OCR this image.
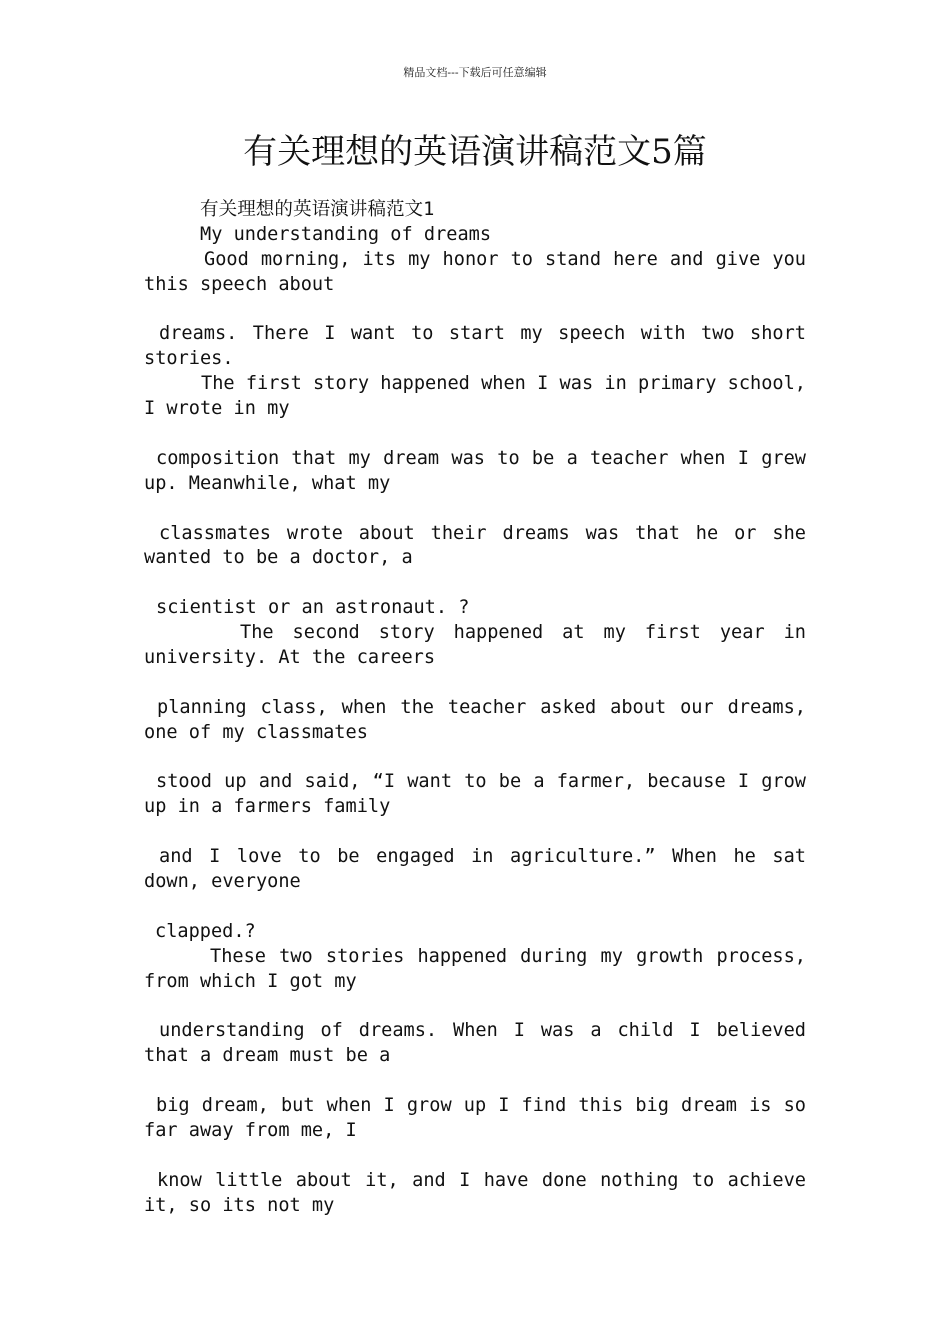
精品文档---下载后可任意编辑
有关理想的英语演讲稿范文5篇
有关理想的英语演讲稿范文1
My understanding of dreams
Good morning, its my honor to stand here and give you
this speech about
dreams. There I want to start my speech with two short
stories.
The first story happened when I was in primary school,
I wrote in my
composition that my dream was to be a teacher when I grew
up. Meanwhile, what my
classmates wrote about their dreams was that he or she
wanted to be a doctor, a
scientist or an astronaut. ?
The second story happened at my first year in
university. At the careers
planning class, when the teacher asked about our dreams,
one of my classmates
stood up and said, “I want to be a farmer, because I grow
up in a farmers family
and I love to be engaged in agriculture.” When he sat
down, everyone
clapped.?
These two stories happened during my growth process,
from which I got my
understanding of dreams. When I was a child I believed
that a dream must be a
big dream, but when I grow up I find this big dream is so
far away from me, I
know little about it, and I have done nothing to achieve
it, so its not my
